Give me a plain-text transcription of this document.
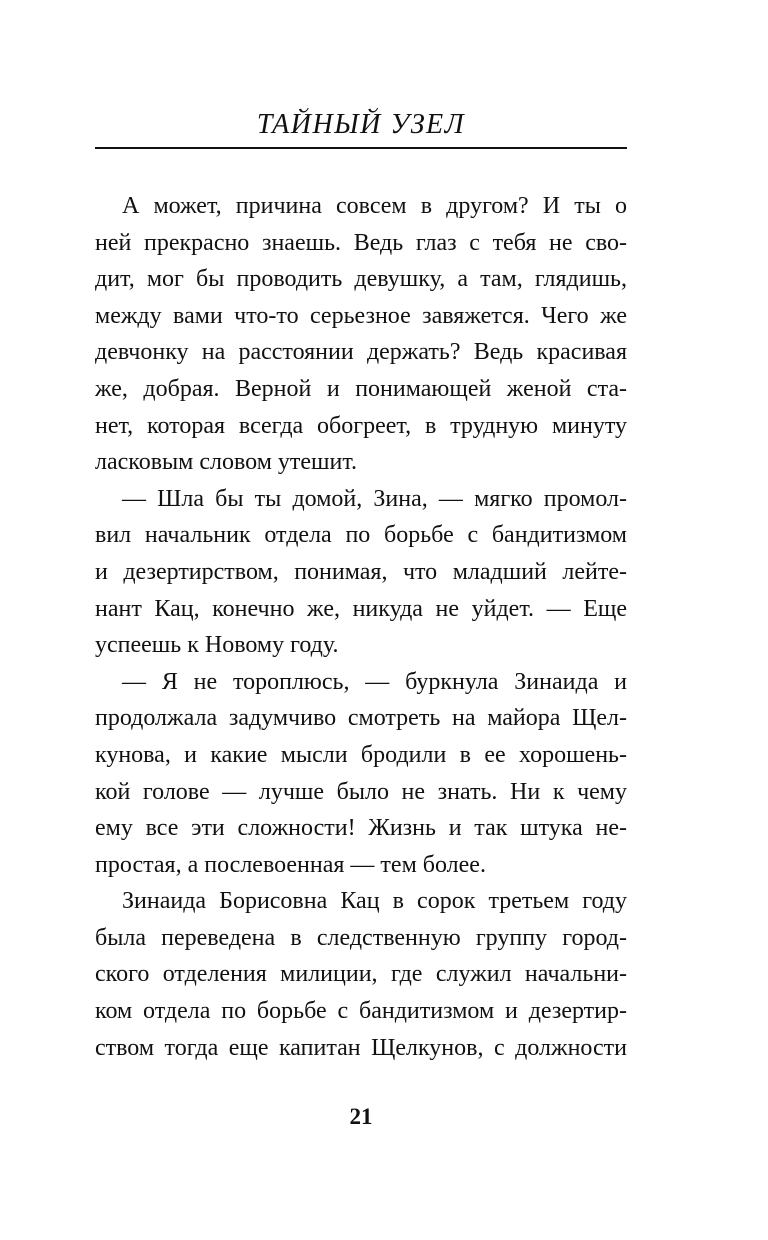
ТАЙНЫЙ УЗЕЛ
А может, причина совсем в другом? И ты о
ней прекрасно знаешь. Ведь глаз с тебя не сво-
дит, мог бы проводить девушку, а там, глядишь,
между вами что-то серьезное завяжется. Чего же
девчонку на расстоянии держать? Ведь красивая
же, добрая. Верной и понимающей женой ста-
нет, которая всегда обогреет, в трудную минуту
ласковым словом утешит.
— Шла бы ты домой, Зина, — мягко промол-
вил начальник отдела по борьбе с бандитизмом
и дезертирством, понимая, что младший лейте-
нант Кац, конечно же, никуда не уйдет. — Еще
успеешь к Новому году.
— Я не тороплюсь, — буркнула Зинаида и
продолжала задумчиво смотреть на майора Щел-
кунова, и какие мысли бродили в ее хорошень-
кой голове — лучше было не знать. Ни к чему
ему все эти сложности! Жизнь и так штука не-
простая, а послевоенная — тем более.
Зинаида Борисовна Кац в сорок третьем году
была переведена в следственную группу город-
ского отделения милиции, где служил начальни-
ком отдела по борьбе с бандитизмом и дезертир-
ством тогда еще капитан Щелкунов, с должности
21
